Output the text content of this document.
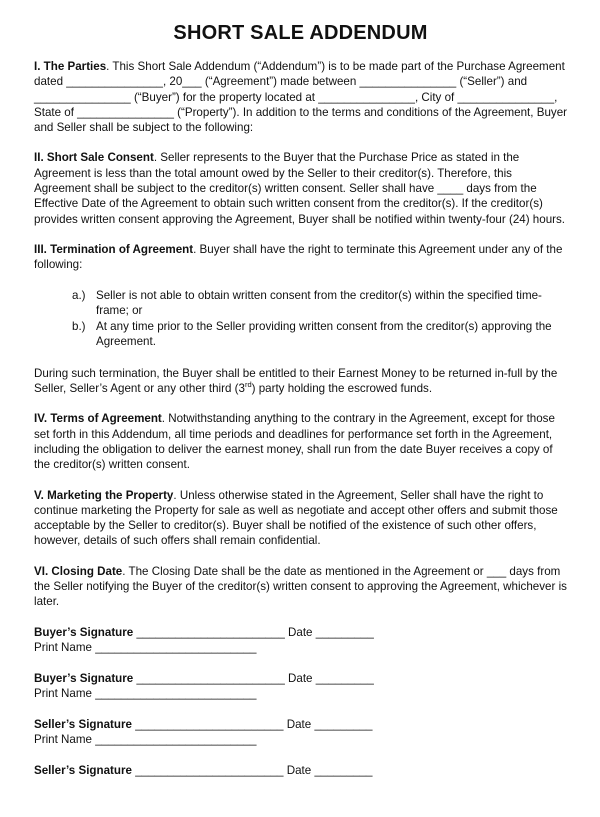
SHORT SALE ADDENDUM

I. The Parties. This Short Sale Addendum (“Addendum”) is to be made part of the Purchase Agreement dated _______________, 20___ (“Agreement”) made between _______________ (“Seller”) and _______________ (“Buyer”) for the property located at _______________, City of _______________, State of _______________ (“Property”). In addition to the terms and conditions of the Agreement, Buyer and Seller shall be subject to the following:

II. Short Sale Consent. Seller represents to the Buyer that the Purchase Price as stated in the Agreement is less than the total amount owed by the Seller to their creditor(s). Therefore, this Agreement shall be subject to the creditor(s) written consent. Seller shall have ____ days from the Effective Date of the Agreement to obtain such written consent from the creditor(s). If the creditor(s) provides written consent approving the Agreement, Buyer shall be notified within twenty-four (24) hours.

III. Termination of Agreement. Buyer shall have the right to terminate this Agreement under any of the following:

a.) Seller is not able to obtain written consent from the creditor(s) within the specified time-frame; or
b.) At any time prior to the Seller providing written consent from the creditor(s) approving the Agreement.

During such termination, the Buyer shall be entitled to their Earnest Money to be returned in-full by the Seller, Seller’s Agent or any other third (3rd) party holding the escrowed funds.

IV. Terms of Agreement. Notwithstanding anything to the contrary in the Agreement, except for those set forth in this Addendum, all time periods and deadlines for performance set forth in the Agreement, including the obligation to deliver the earnest money, shall run from the date Buyer receives a copy of the creditor(s) written consent.

V. Marketing the Property. Unless otherwise stated in the Agreement, Seller shall have the right to continue marketing the Property for sale as well as negotiate and accept other offers and submit those acceptable by the Seller to creditor(s). Buyer shall be notified of the existence of such other offers, however, details of such offers shall remain confidential.

VI. Closing Date. The Closing Date shall be the date as mentioned in the Agreement or ___ days from the Seller notifying the Buyer of the creditor(s) written consent to approving the Agreement, whichever is later.

Buyer’s Signature _______________________ Date _________
Print Name _________________________
Buyer’s Signature _______________________ Date _________
Print Name _________________________
Seller’s Signature _______________________ Date _________
Print Name _________________________
Seller’s Signature _______________________ Date _________
